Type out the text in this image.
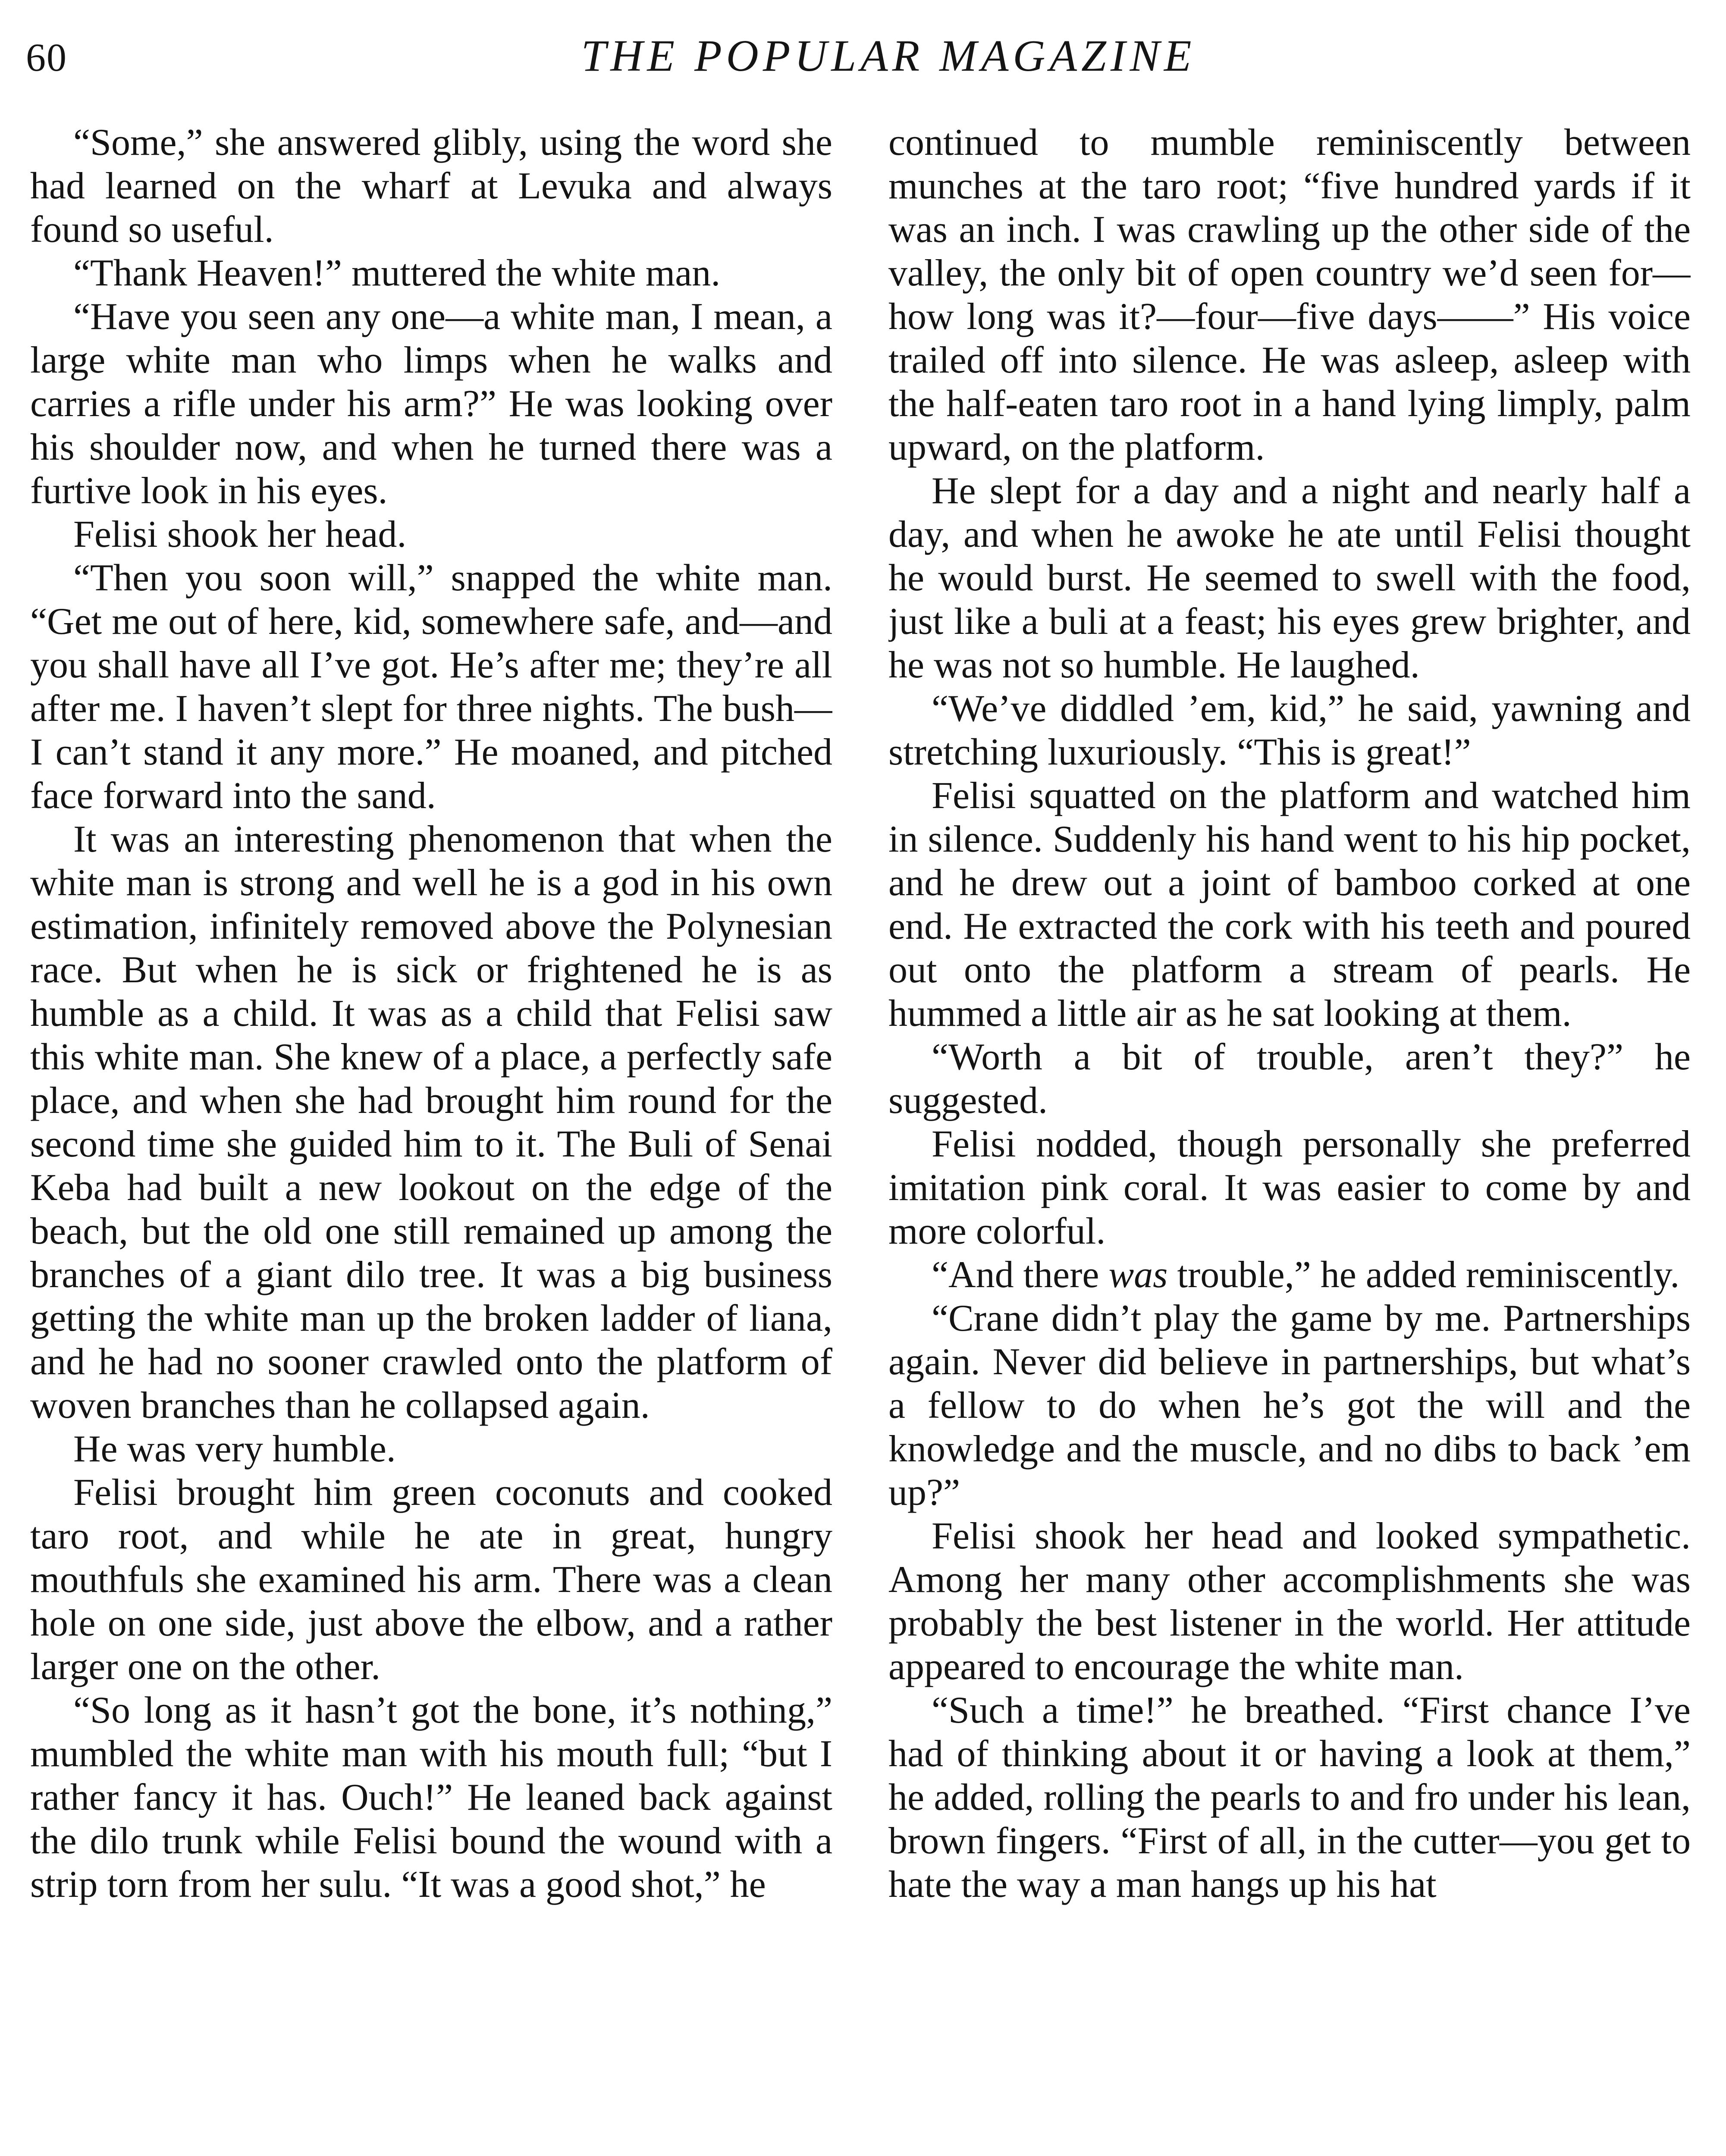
60	THE POPULAR MAGAZINE

“Some,” she answered glibly, using the word she had learned on the wharf at Levuka and always found so useful.

“Thank Heaven!” muttered the white man.

“Have you seen any one—a white man, I mean, a large white man who limps when he walks and carries a rifle under his arm?” He was looking over his shoulder now, and when he turned there was a furtive look in his eyes.

Felisi shook her head.

“Then you soon will,” snapped the white man. “Get me out of here, kid, somewhere safe, and—and you shall have all I’ve got. He’s after me; they’re all after me. I haven’t slept for three nights. The bush—I can’t stand it any more.” He moaned, and pitched face forward into the sand.

It was an interesting phenomenon that when the white man is strong and well he is a god in his own estimation, infinitely removed above the Polynesian race. But when he is sick or frightened he is as humble as a child. It was as a child that Felisi saw this white man. She knew of a place, a perfectly safe place, and when she had brought him round for the second time she guided him to it. The Buli of Senai Keba had built a new lookout on the edge of the beach, but the old one still remained up among the branches of a giant dilo tree. It was a big business getting the white man up the broken ladder of liana, and he had no sooner crawled onto the platform of woven branches than he collapsed again.

He was very humble.

Felisi brought him green coconuts and cooked taro root, and while he ate in great, hungry mouthfuls she examined his arm. There was a clean hole on one side, just above the elbow, and a rather larger one on the other.

“So long as it hasn’t got the bone, it’s nothing,” mumbled the white man with his mouth full; “but I rather fancy it has. Ouch!” He leaned back against the dilo trunk while Felisi bound the wound with a strip torn from her sulu. “It was a good shot,” he

continued to mumble reminiscently between munches at the taro root; “five hundred yards if it was an inch. I was crawling up the other side of the valley, the only bit of open country we’d seen for—how long was it?—four—five days——” His voice trailed off into silence. He was asleep, asleep with the half-eaten taro root in a hand lying limply, palm upward, on the platform.

He slept for a day and a night and nearly half a day, and when he awoke he ate until Felisi thought he would burst. He seemed to swell with the food, just like a buli at a feast; his eyes grew brighter, and he was not so humble. He laughed.

“We’ve diddled ’em, kid,” he said, yawning and stretching luxuriously. “This is great!”

Felisi squatted on the platform and watched him in silence. Suddenly his hand went to his hip pocket, and he drew out a joint of bamboo corked at one end. He extracted the cork with his teeth and poured out onto the platform a stream of pearls. He hummed a little air as he sat looking at them.

“Worth a bit of trouble, aren’t they?” he suggested.

Felisi nodded, though personally she preferred imitation pink coral. It was easier to come by and more colorful.

“And there was trouble,” he added reminiscently.

“Crane didn’t play the game by me. Partnerships again. Never did believe in partnerships, but what’s a fellow to do when he’s got the will and the knowledge and the muscle, and no dibs to back ’em up?”

Felisi shook her head and looked sympathetic. Among her many other accomplishments she was probably the best listener in the world. Her attitude appeared to encourage the white man.

“Such a time!” he breathed. “First chance I’ve had of thinking about it or having a look at them,” he added, rolling the pearls to and fro under his lean, brown fingers. “First of all, in the cutter—you get to hate the way a man hangs up his hat
